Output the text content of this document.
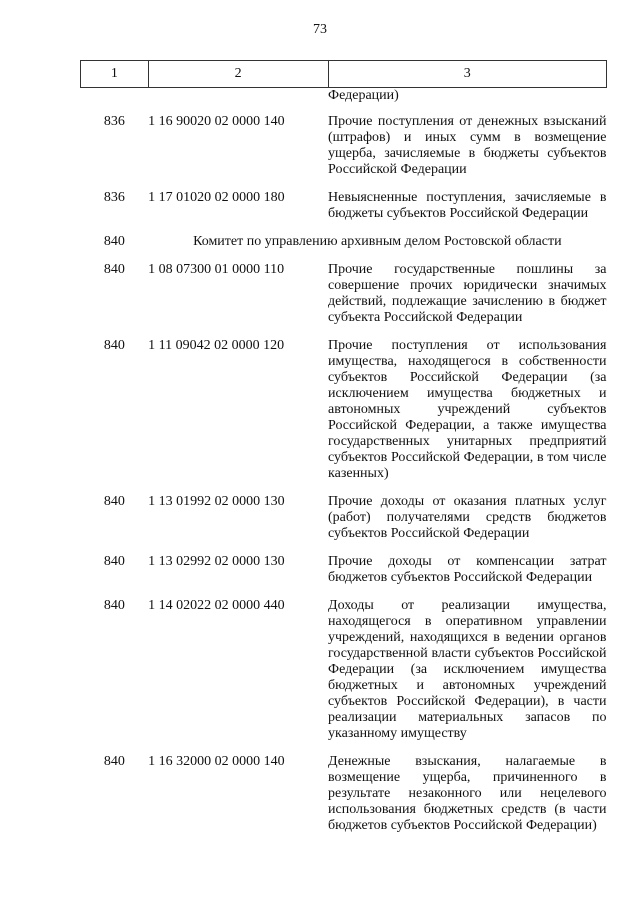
73
1	2	3
		Федерации)
836	1 16 90020 02 0000 140	Прочие поступления от денежных взысканий (штрафов) и иных сумм в возмещение ущерба, зачисляемые в бюджеты субъектов Российской Федерации
836	1 17 01020 02 0000 180	Невыясненные поступления, зачисляемые в бюджеты субъектов Российской Федерации
840	Комитет по управлению архивным делом Ростовской области	
840	1 08 07300 01 0000 110	Прочие государственные пошлины за совершение прочих юридически значимых действий, подлежащие зачислению в бюджет субъекта Российской Федерации
840	1 11 09042 02 0000 120	Прочие поступления от использования имущества, находящегося в собственности субъектов Российской Федерации (за исключением имущества бюджетных и автономных учреждений субъектов Российской Федерации, а также имущества государственных унитарных предприятий субъектов Российской Федерации, в том числе казенных)
840	1 13 01992 02 0000 130	Прочие доходы от оказания платных услуг (работ) получателями средств бюджетов субъектов Российской Федерации
840	1 13 02992 02 0000 130	Прочие доходы от компенсации затрат бюджетов субъектов Российской Федерации
840	1 14 02022 02 0000 440	Доходы от реализации имущества, находящегося в оперативном управлении учреждений, находящихся в ведении органов государственной власти субъектов Российской Федерации (за исключением имущества бюджетных и автономных учреждений субъектов Российской Федерации), в части реализации материальных запасов по указанному имуществу
840	1 16 32000 02 0000 140	Денежные взыскания, налагаемые в возмещение ущерба, причиненного в результате незаконного или нецелевого использования бюджетных средств (в части бюджетов субъектов Российской Федерации)
